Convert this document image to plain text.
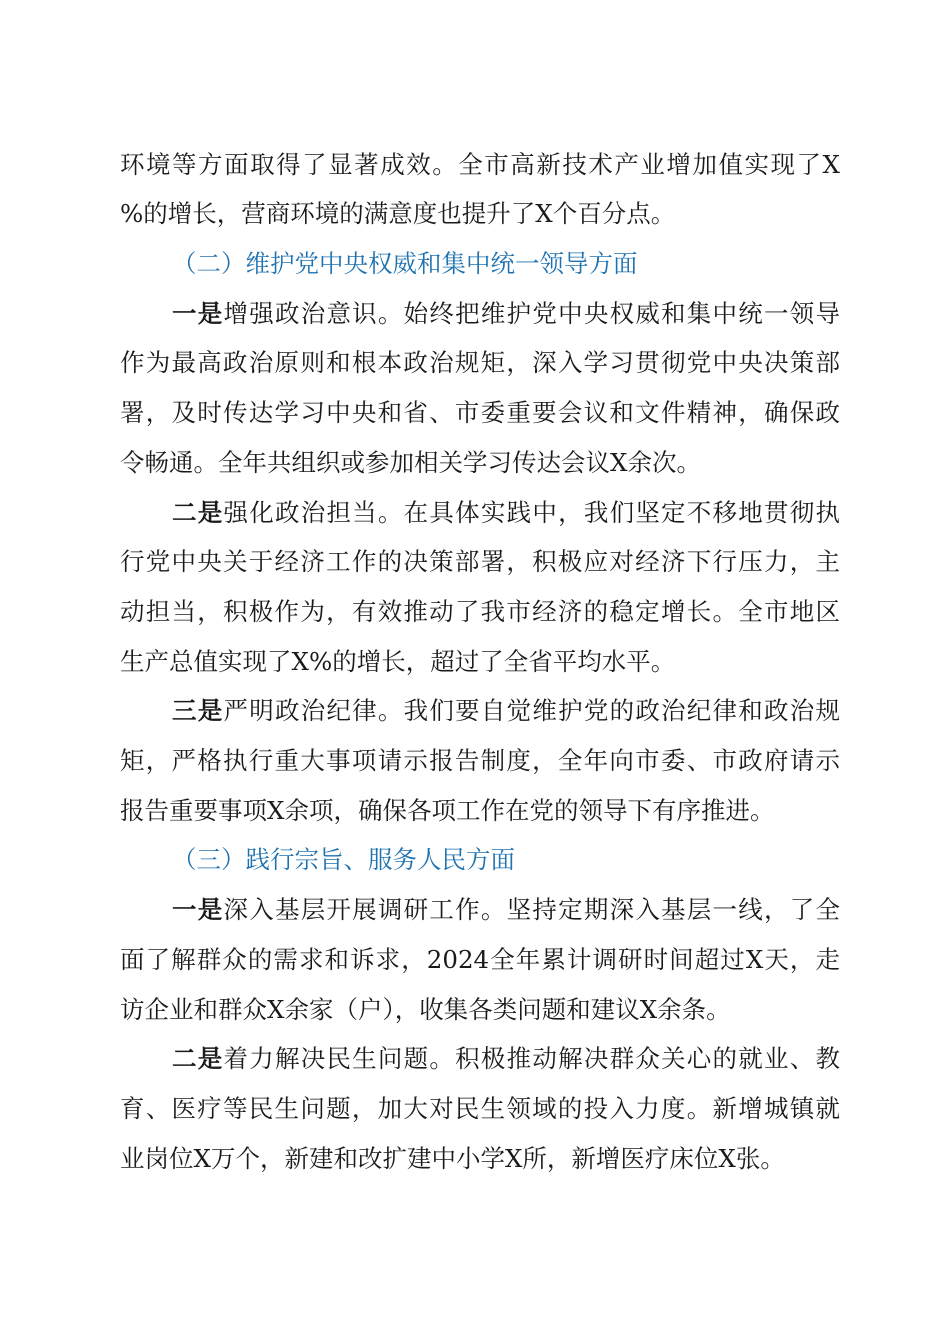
环境等方面取得了显著成效。全市高新技术产业增加值实现了X
%的增长，营商环境的满意度也提升了X个百分点。
（二）维护党中央权威和集中统一领导方面
一是增强政治意识。始终把维护党中央权威和集中统一领导
作为最高政治原则和根本政治规矩，深入学习贯彻党中央决策部
署，及时传达学习中央和省、市委重要会议和文件精神，确保政
令畅通。全年共组织或参加相关学习传达会议X余次。
二是强化政治担当。在具体实践中，我们坚定不移地贯彻执
行党中央关于经济工作的决策部署，积极应对经济下行压力，主
动担当，积极作为，有效推动了我市经济的稳定增长。全市地区
生产总值实现了X%的增长，超过了全省平均水平。
三是严明政治纪律。我们要自觉维护党的政治纪律和政治规
矩，严格执行重大事项请示报告制度，全年向市委、市政府请示
报告重要事项X余项，确保各项工作在党的领导下有序推进。
（三）践行宗旨、服务人民方面
一是深入基层开展调研工作。坚持定期深入基层一线，了全
面了解群众的需求和诉求，2024全年累计调研时间超过X天，走
访企业和群众X余家（户），收集各类问题和建议X余条。
二是着力解决民生问题。积极推动解决群众关心的就业、教
育、医疗等民生问题，加大对民生领域的投入力度。新增城镇就
业岗位X万个，新建和改扩建中小学X所，新增医疗床位X张。
